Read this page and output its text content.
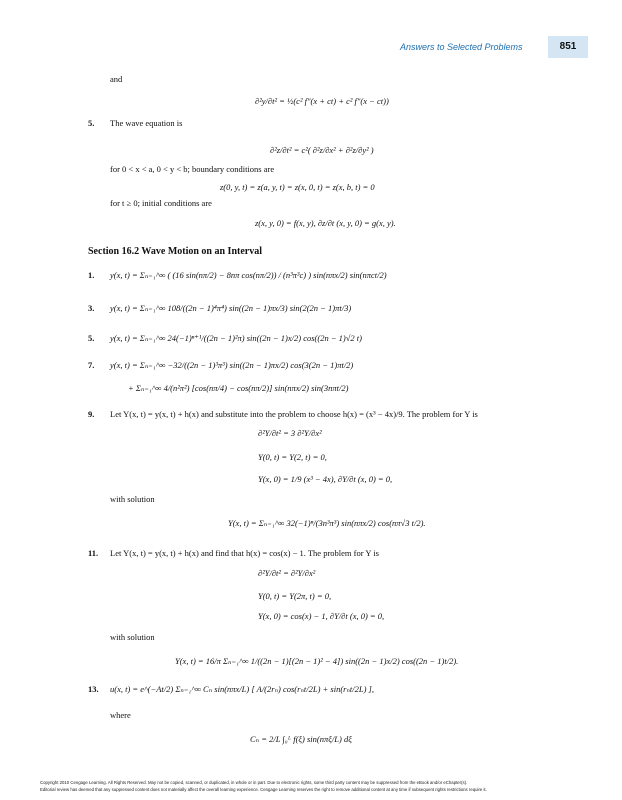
Answers to Selected Problems	851
and
∂²y/∂t² = ½(c² f″(x + ct) + c² f″(x − ct))
5. The wave equation is
∂²z/∂t² = c²( ∂²z/∂x² + ∂²z/∂y² )
for 0 < x < a, 0 < y < b; boundary conditions are
z(0, y, t) = z(a, y, t) = z(x, 0, t) = z(x, b, t) = 0
for t ≥ 0; initial conditions are
z(x, y, 0) = f(x, y), ∂z/∂t (x, y, 0) = g(x, y).
Section 16.2 Wave Motion on an Interval
1. y(x, t) = Σₙ₌₁^∞ ( (16 sin(nπ/2) − 8nπ cos(nπ/2)) / (n³π³c) ) sin(nπx/2) sin(nπct/2)
3. y(x, t) = Σₙ₌₁^∞ 108/((2n − 1)⁴π⁴) sin((2n − 1)πx/3) sin(2(2n − 1)πt/3)
5. y(x, t) = Σₙ₌₁^∞ 24(−1)ⁿ⁺¹/((2n − 1)²π) sin((2n − 1)x/2) cos((2n − 1)√2 t)
7. y(x, t) = Σₙ₌₁^∞ −32/((2n − 1)³π³) sin((2n − 1)πx/2) cos(3(2n − 1)πt/2)
+ Σₙ₌₁^∞ 4/(n²π²) [cos(nπ/4) − cos(nπ/2)] sin(nπx/2) sin(3nπt/2)
9. Let Y(x, t) = y(x, t) + h(x) and substitute into the problem to choose h(x) = (x³ − 4x)/9. The problem for Y is
∂²Y/∂t² = 3 ∂²Y/∂x²
Y(0, t) = Y(2, t) = 0,
Y(x, 0) = 1/9 (x³ − 4x), ∂Y/∂t (x, 0) = 0,
with solution
Y(x, t) = Σₙ₌₁^∞ 32(−1)ⁿ/(3n³π³) sin(nπx/2) cos(nπ√3 t/2).
11. Let Y(x, t) = y(x, t) + h(x) and find that h(x) = cos(x) − 1. The problem for Y is
∂²Y/∂t² = ∂²Y/∂x²
Y(0, t) = Y(2π, t) = 0,
Y(x, 0) = cos(x) − 1, ∂Y/∂t (x, 0) = 0,
with solution
Y(x, t) = 16/π Σₙ₌₁^∞ 1/((2n − 1)[(2n − 1)² − 4]) sin((2n − 1)x/2) cos((2n − 1)t/2).
13. u(x, t) = e^(−At/2) Σₙ₌₁^∞ Cₙ sin(nπx/L) [ A/(2rₙ) cos(rₙt/2L) + sin(rₙt/2L) ],
where
Cₙ = 2/L ∫₀ᴸ f(ξ) sin(nπξ/L) dξ
Copyright 2010 Cengage Learning. All Rights Reserved. May not be copied, scanned, or duplicated, in whole or in part. Due to electronic rights, some third party content may be suppressed from the eBook and/or eChapter(s).
Editorial review has deemed that any suppressed content does not materially affect the overall learning experience. Cengage Learning reserves the right to remove additional content at any time if subsequent rights restrictions require it.
